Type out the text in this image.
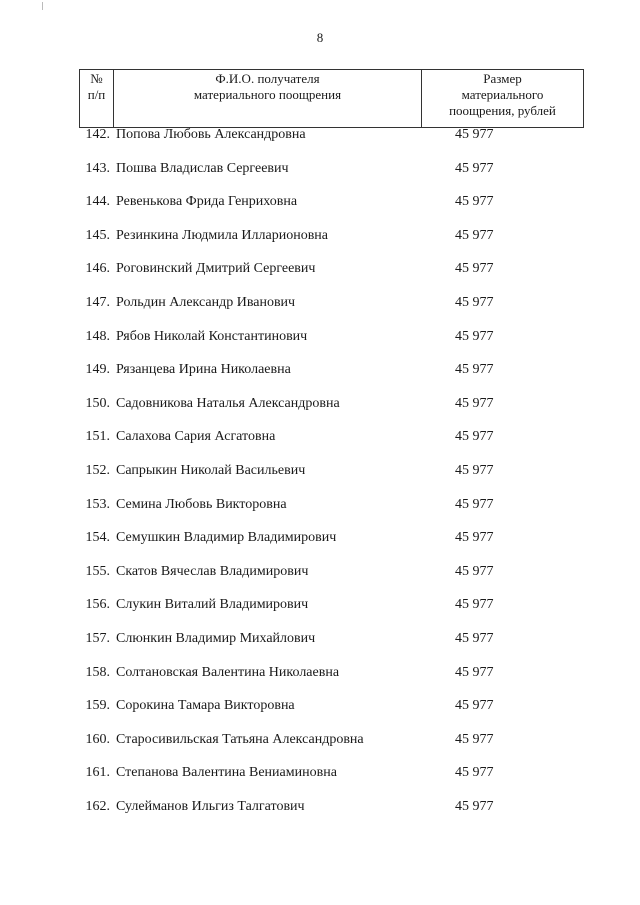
8
№
п/п

Ф.И.О. получателя
материального поощрения

Размер
материального
поощрения, рублей
142. Попова Любовь Александровна	45 977
143. Пошва Владислав Сергеевич	45 977
144. Ревенькова Фрида Генриховна	45 977
145. Резинкина Людмила Илларионовна	45 977
146. Роговинский Дмитрий Сергеевич	45 977
147. Рольдин Александр Иванович	45 977
148. Рябов Николай Константинович	45 977
149. Рязанцева Ирина Николаевна	45 977
150. Садовникова Наталья Александровна	45 977
151. Салахова Сария Асгатовна	45 977
152. Сапрыкин Николай Васильевич	45 977
153. Семина Любовь Викторовна	45 977
154. Семушкин Владимир Владимирович	45 977
155. Скатов Вячеслав Владимирович	45 977
156. Слукин Виталий Владимирович	45 977
157. Слюнкин Владимир Михайлович	45 977
158. Солтановская Валентина Николаевна	45 977
159. Сорокина Тамара Викторовна	45 977
160. Старосивильская Татьяна Александровна	45 977
161. Степанова Валентина Вениаминовна	45 977
162. Сулейманов Ильгиз Талгатович	45 977
